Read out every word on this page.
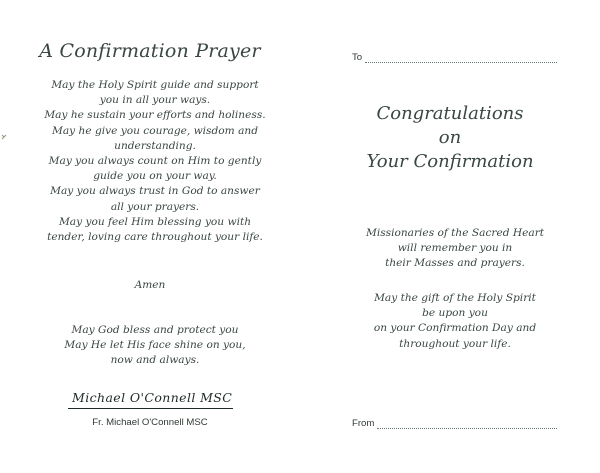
A Confirmation Prayer
May the Holy Spirit guide and support
you in all your ways.
May he sustain your efforts and holiness.
May he give you courage, wisdom and
understanding.
May you always count on Him to gently
guide you on your way.
May you always trust in God to answer
all your prayers.
May you feel Him blessing you with
tender, loving care throughout your life.
Amen
May God bless and protect you
May He let His face shine on you,
now and always.
Michael O'Connell MSC
Fr. Michael O'Connell MSC
To
Congratulations
on
Your Confirmation
Missionaries of the Sacred Heart
will remember you in
their Masses and prayers.
May the gift of the Holy Spirit
be upon you
on your Confirmation Day and
throughout your life.
From
